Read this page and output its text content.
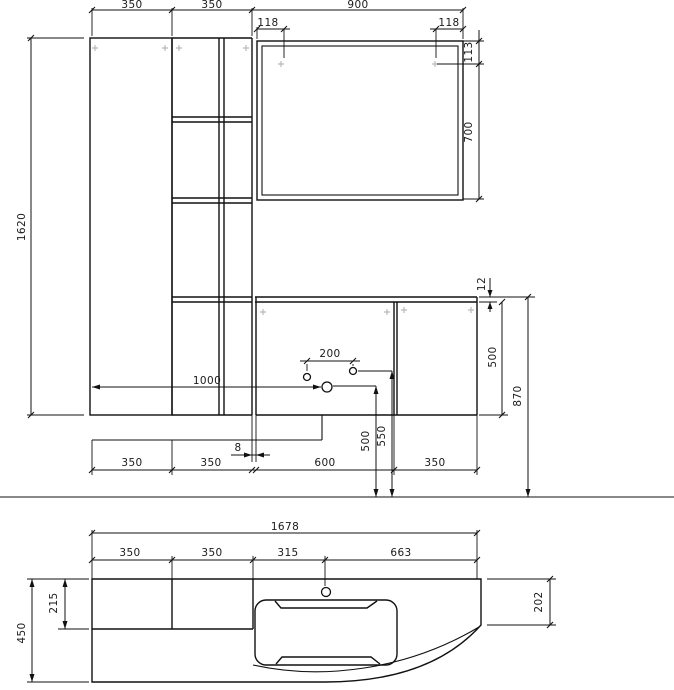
350	350	900
118	118
113
700
1620
12
500
870
1000
200
500 550
350	350	600	350
8
1678
350	350	315	663
215
450
202
